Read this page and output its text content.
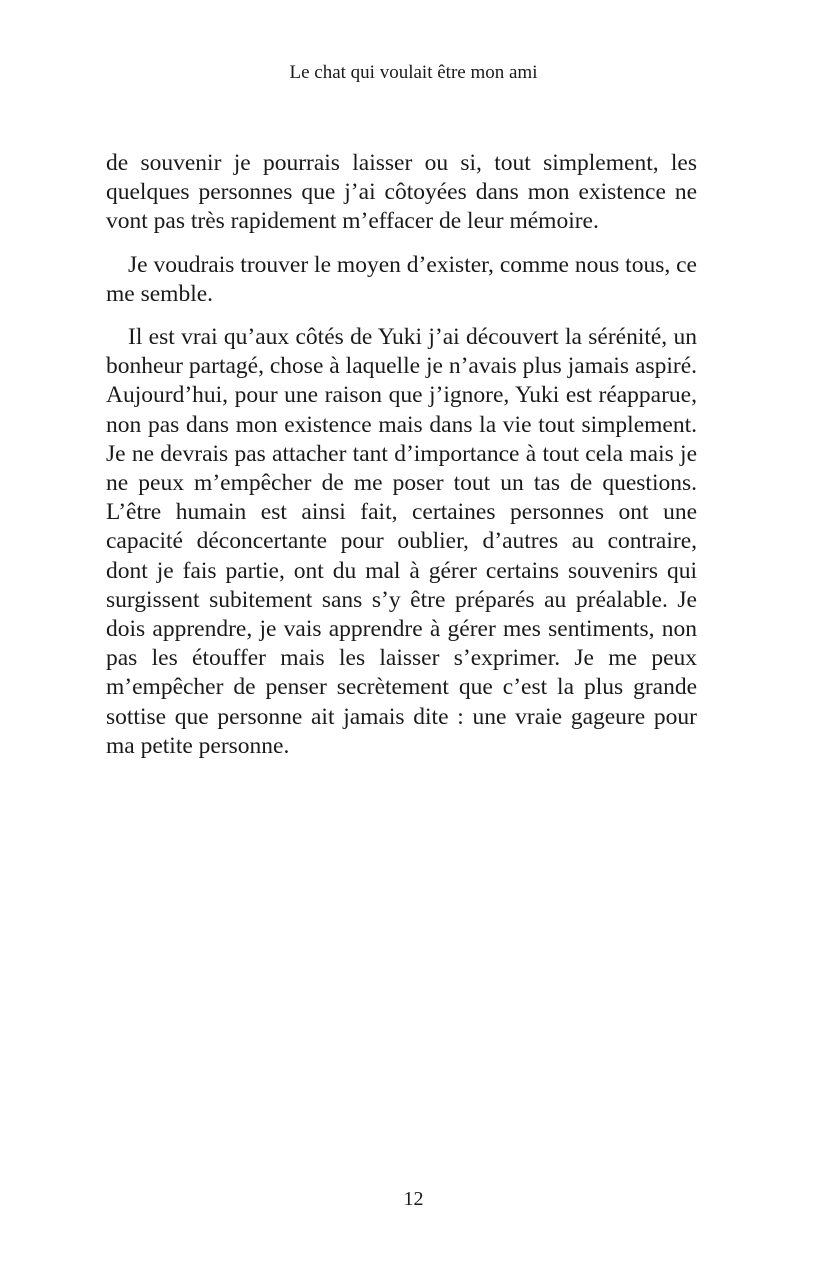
Le chat qui voulait être mon ami

de souvenir je pourrais laisser ou si, tout simplement, les quelques personnes que j’ai côtoyées dans mon existence ne vont pas très rapidement m’effacer de leur mémoire.

Je voudrais trouver le moyen d’exister, comme nous tous, ce me semble.

Il est vrai qu’aux côtés de Yuki j’ai découvert la sérénité, un bonheur partagé, chose à laquelle je n’avais plus jamais aspiré. Aujourd’hui, pour une raison que j’ignore, Yuki est réapparue, non pas dans mon existence mais dans la vie tout simplement. Je ne devrais pas attacher tant d’importance à tout cela mais je ne peux m’empêcher de me poser tout un tas de questions. L’être humain est ainsi fait, certaines personnes ont une capacité déconcertante pour oublier, d’autres au contraire, dont je fais partie, ont du mal à gérer certains souvenirs qui surgissent subitement sans s’y être préparés au préalable. Je dois apprendre, je vais apprendre à gérer mes sentiments, non pas les étouffer mais les laisser s’exprimer. Je me peux m’empêcher de penser secrètement que c’est la plus grande sottise que personne ait jamais dite : une vraie gageure pour ma petite personne.

12
